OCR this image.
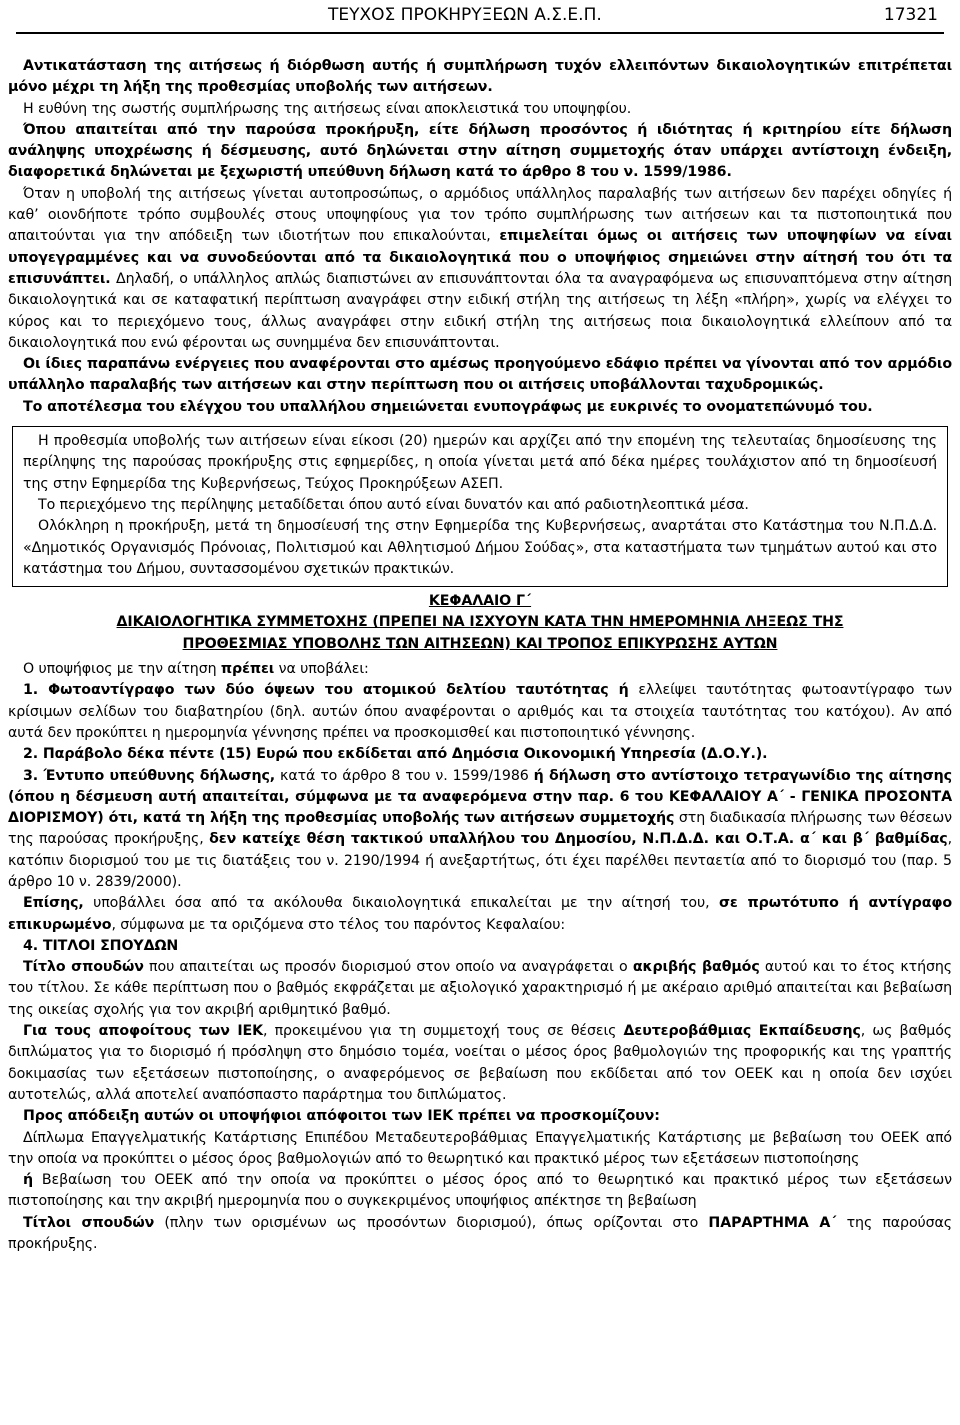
ΤΕΥΧΟΣ ΠΡΟΚΗΡΥΞΕΩΝ Α.Σ.Ε.Π.	17321

Αντικατάσταση της αιτήσεως ή διόρθωση αυτής ή συμπλήρωση τυχόν ελλειπόντων δικαιολογητικών επιτρέπεται μόνο μέχρι τη λήξη της προθεσμίας υποβολής των αιτήσεων.

Η ευθύνη της σωστής συμπλήρωσης της αιτήσεως είναι αποκλειστικά του υποψηφίου.

Όπου απαιτείται από την παρούσα προκήρυξη, είτε δήλωση προσόντος ή ιδιότητας ή κριτηρίου είτε δήλωση ανάληψης υποχρέωσης ή δέσμευσης, αυτό δηλώνεται στην αίτηση συμμετοχής όταν υπάρχει αντίστοιχη ένδειξη, διαφορετικά δηλώνεται με ξεχωριστή υπεύθυνη δήλωση κατά το άρθρο 8 του ν. 1599/1986.

Όταν η υποβολή της αιτήσεως γίνεται αυτοπροσώπως, ο αρμόδιος υπάλληλος παραλαβής των αιτήσεων δεν παρέχει οδηγίες ή καθ’ οιονδήποτε τρόπο συμβουλές στους υποψηφίους για τον τρόπο συμπλήρωσης των αιτήσεων και τα πιστοποιητικά που απαιτούνται για την απόδειξη των ιδιοτήτων που επικαλούνται, επιμελείται όμως οι αιτήσεις των υποψηφίων να είναι υπογεγραμμένες και να συνοδεύονται από τα δικαιολογητικά που ο υποψήφιος σημειώνει στην αίτησή του ότι τα επισυνάπτει. Δηλαδή, ο υπάλληλος απλώς διαπιστώνει αν επισυνάπτονται όλα τα αναγραφόμενα ως επισυναπτόμενα στην αίτηση δικαιολογητικά και σε καταφατική περίπτωση αναγράφει στην ειδική στήλη της αιτήσεως τη λέξη «πλήρη», χωρίς να ελέγχει το κύρος και το περιεχόμενο τους, άλλως αναγράφει στην ειδική στήλη της αιτήσεως ποια δικαιολογητικά ελλείπουν από τα δικαιολογητικά που ενώ φέρονται ως συνημμένα δεν επισυνάπτονται.

Οι ίδιες παραπάνω ενέργειες που αναφέρονται στο αμέσως προηγούμενο εδάφιο πρέπει να γίνονται από τον αρμόδιο υπάλληλο παραλαβής των αιτήσεων και στην περίπτωση που οι αιτήσεις υποβάλλονται ταχυδρομικώς.

Το αποτέλεσμα του ελέγχου του υπαλλήλου σημειώνεται ενυπογράφως με ευκρινές το ονοματεπώνυμό του.

Η προθεσμία υποβολής των αιτήσεων είναι είκοσι (20) ημερών και αρχίζει από την επομένη της τελευταίας δημοσίευσης της περίληψης της παρούσας προκήρυξης στις εφημερίδες, η οποία γίνεται μετά από δέκα ημέρες τουλάχιστον από τη δημοσίευσή της στην Εφημερίδα της Κυβερνήσεως, Τεύχος Προκηρύξεων ΑΣΕΠ.

Το περιεχόμενο της περίληψης μεταδίδεται όπου αυτό είναι δυνατόν και από ραδιοτηλεοπτικά μέσα.

Ολόκληρη η προκήρυξη, μετά τη δημοσίευσή της στην Εφημερίδα της Κυβερνήσεως, αναρτάται στο Κατάστημα του Ν.Π.Δ.Δ. «Δημοτικός Οργανισμός Πρόνοιας, Πολιτισμού και Αθλητισμού Δήμου Σούδας», στα καταστήματα των τμημάτων αυτού και στο κατάστημα του Δήμου, συντασσομένου σχετικών πρακτικών.

ΚΕΦΑΛΑΙΟ Γ΄
ΔΙΚΑΙΟΛΟΓΗΤΙΚΑ ΣΥΜΜΕΤΟΧΗΣ (ΠΡΕΠΕΙ ΝΑ ΙΣΧΥΟΥΝ ΚΑΤΑ ΤΗΝ ΗΜΕΡΟΜΗΝΙΑ ΛΗΞΕΩΣ ΤΗΣ
ΠΡΟΘΕΣΜΙΑΣ ΥΠΟΒΟΛΗΣ ΤΩΝ ΑΙΤΗΣΕΩΝ) ΚΑΙ ΤΡΟΠΟΣ ΕΠΙΚΥΡΩΣΗΣ ΑΥΤΩΝ

Ο υποψήφιος με την αίτηση πρέπει να υποβάλει:

1. Φωτοαντίγραφο των δύο όψεων του ατομικού δελτίου ταυτότητας ή ελλείψει ταυτότητας φωτοαντίγραφο των κρίσιμων σελίδων του διαβατηρίου (δηλ. αυτών όπου αναφέρονται ο αριθμός και τα στοιχεία ταυτότητας του κατόχου). Αν από αυτά δεν προκύπτει η ημερομηνία γέννησης πρέπει να προσκομισθεί και πιστοποιητικό γέννησης.

2. Παράβολο δέκα πέντε (15) Ευρώ που εκδίδεται από Δημόσια Οικονομική Υπηρεσία (Δ.Ο.Υ.).

3. Έντυπο υπεύθυνης δήλωσης, κατά το άρθρο 8 του ν. 1599/1986 ή δήλωση στο αντίστοιχο τετραγωνίδιο της αίτησης (όπου η δέσμευση αυτή απαιτείται, σύμφωνα με τα αναφερόμενα στην παρ. 6 του ΚΕΦΑΛΑΙΟΥ Α΄ - ΓΕΝΙΚΑ ΠΡΟΣΟΝΤΑ ΔΙΟΡΙΣΜΟΥ) ότι, κατά τη λήξη της προθεσμίας υποβολής των αιτήσεων συμμετοχής στη διαδικασία πλήρωσης των θέσεων της παρούσας προκήρυξης, δεν κατείχε θέση τακτικού υπαλλήλου του Δημοσίου, Ν.Π.Δ.Δ. και Ο.Τ.Α. α΄ και β΄ βαθμίδας, κατόπιν διορισμού του με τις διατάξεις του ν. 2190/1994 ή ανεξαρτήτως, ότι έχει παρέλθει πενταετία από το διορισμό του (παρ. 5 άρθρο 10 ν. 2839/2000).

Επίσης, υποβάλλει όσα από τα ακόλουθα δικαιολογητικά επικαλείται με την αίτησή του, σε πρωτότυπο ή αντίγραφο επικυρωμένο, σύμφωνα με τα οριζόμενα στο τέλος του παρόντος Κεφαλαίου:

4. ΤΙΤΛΟΙ ΣΠΟΥΔΩΝ

Τίτλο σπουδών που απαιτείται ως προσόν διορισμού στον οποίο να αναγράφεται ο ακριβής βαθμός αυτού και το έτος κτήσης του τίτλου. Σε κάθε περίπτωση που ο βαθμός εκφράζεται με αξιολογικό χαρακτηρισμό ή με ακέραιο αριθμό απαιτείται και βεβαίωση της οικείας σχολής για τον ακριβή αριθμητικό βαθμό.

Για τους αποφοίτους των ΙΕΚ, προκειμένου για τη συμμετοχή τους σε θέσεις Δευτεροβάθμιας Εκπαίδευσης, ως βαθμός διπλώματος για το διορισμό ή πρόσληψη στο δημόσιο τομέα, νοείται ο μέσος όρος βαθμολογιών της προφορικής και της γραπτής δοκιμασίας των εξετάσεων πιστοποίησης, ο αναφερόμενος σε βεβαίωση που εκδίδεται από τον ΟΕΕΚ και η οποία δεν ισχύει αυτοτελώς, αλλά αποτελεί αναπόσπαστο παράρτημα του διπλώματος.

Προς απόδειξη αυτών οι υποψήφιοι απόφοιτοι των ΙΕΚ πρέπει να προσκομίζουν:

Δίπλωμα Επαγγελματικής Κατάρτισης Επιπέδου Μεταδευτεροβάθμιας Επαγγελματικής Κατάρτισης με βεβαίωση του ΟΕΕΚ από την οποία να προκύπτει ο μέσος όρος βαθμολογιών από το θεωρητικό και πρακτικό μέρος των εξετάσεων πιστοποίησης

ή Βεβαίωση του ΟΕΕΚ από την οποία να προκύπτει ο μέσος όρος από το θεωρητικό και πρακτικό μέρος των εξετάσεων πιστοποίησης και την ακριβή ημερομηνία που ο συγκεκριμένος υποψήφιος απέκτησε τη βεβαίωση

Τίτλοι σπουδών (πλην των ορισμένων ως προσόντων διορισμού), όπως ορίζονται στο ΠΑΡΑΡΤΗΜΑ Α΄ της παρούσας προκήρυξης.
